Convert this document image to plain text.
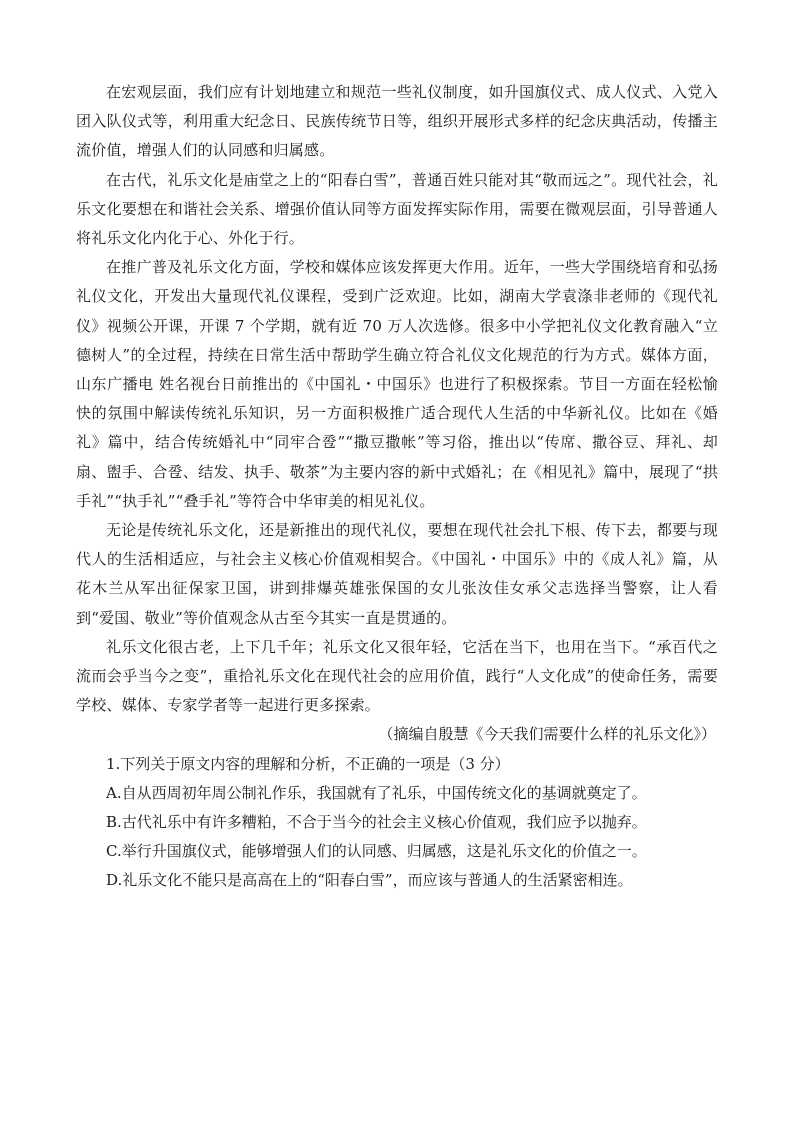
在宏观层面，我们应有计划地建立和规范一些礼仪制度，如升国旗仪式、成人仪式、入党入团入队仪式等，利用重大纪念日、民族传统节日等，组织开展形式多样的纪念庆典活动，传播主流价值，增强人们的认同感和归属感。

在古代，礼乐文化是庙堂之上的“阳春白雪”，普通百姓只能对其“敬而远之”。现代社会，礼乐文化要想在和谐社会关系、增强价值认同等方面发挥实际作用，需要在微观层面，引导普通人将礼乐文化内化于心、外化于行。

在推广普及礼乐文化方面，学校和媒体应该发挥更大作用。近年，一些大学围绕培育和弘扬礼仪文化，开发出大量现代礼仪课程，受到广泛欢迎。比如，湖南大学袁涤非老师的《现代礼仪》视频公开课，开课 7 个学期，就有近 70 万人次选修。很多中小学把礼仪文化教育融入“立德树人”的全过程，持续在日常生活中帮助学生确立符合礼仪文化规范的行为方式。媒体方面，山东广播电 姓名视台日前推出的《中国礼・中国乐》也进行了积极探索。节目一方面在轻松愉快的氛围中解读传统礼乐知识，另一方面积极推广适合现代人生活的中华新礼仪。比如在《婚礼》篇中，结合传统婚礼中“同牢合卺”“撒豆撒帐”等习俗，推出以“传席、撒谷豆、拜礼、却扇、盥手、合卺、结发、执手、敬茶”为主要内容的新中式婚礼；在《相见礼》篇中，展现了“拱手礼”“执手礼”“叠手礼”等符合中华审美的相见礼仪。

无论是传统礼乐文化，还是新推出的现代礼仪，要想在现代社会扎下根、传下去，都要与现代人的生活相适应，与社会主义核心价值观相契合。《中国礼・中国乐》中的《成人礼》篇，从花木兰从军出征保家卫国，讲到排爆英雄张保国的女儿张汝佳女承父志选择当警察，让人看到“爱国、敬业”等价值观念从古至今其实一直是贯通的。

礼乐文化很古老，上下几千年；礼乐文化又很年轻，它活在当下，也用在当下。“承百代之流而会乎当今之变”，重拾礼乐文化在现代社会的应用价值，践行“人文化成”的使命任务，需要学校、媒体、专家学者等一起进行更多探索。

（摘编自殷慧《今天我们需要什么样的礼乐文化》）

1.下列关于原文内容的理解和分析，不正确的一项是（3 分）

A.自从西周初年周公制礼作乐，我国就有了礼乐，中国传统文化的基调就奠定了。

B.古代礼乐中有许多糟粕，不合于当今的社会主义核心价值观，我们应予以抛弃。

C.举行升国旗仪式，能够增强人们的认同感、归属感，这是礼乐文化的价值之一。

D.礼乐文化不能只是高高在上的“阳春白雪”，而应该与普通人的生活紧密相连。
